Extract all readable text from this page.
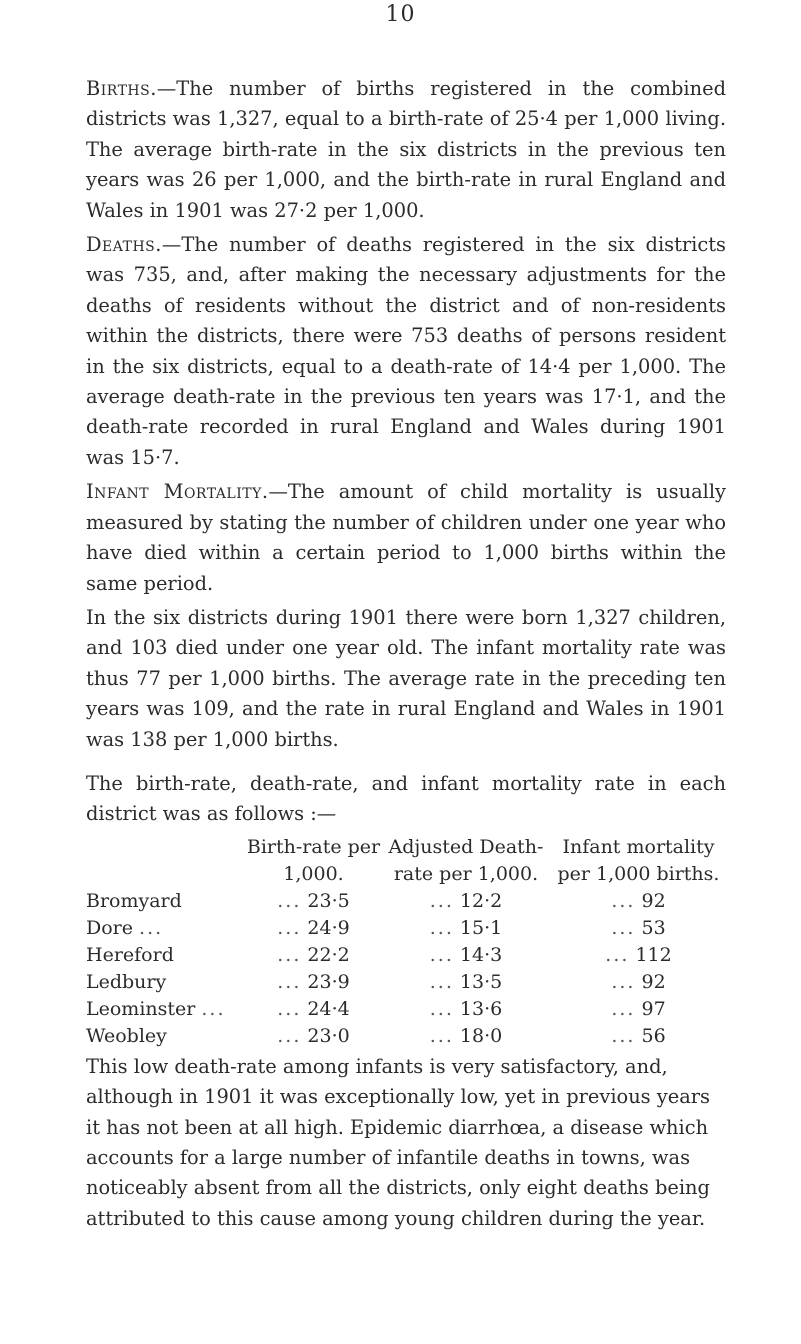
10

Births.—The number of births registered in the combined districts was 1,327, equal to a birth-rate of 25·4 per 1,000 living. The average birth-rate in the six districts in the previous ten years was 26 per 1,000, and the birth-rate in rural England and Wales in 1901 was 27·2 per 1,000.

Deaths.—The number of deaths registered in the six districts was 735, and, after making the necessary adjustments for the deaths of residents without the district and of non-residents within the districts, there were 753 deaths of persons resident in the six districts, equal to a death-rate of 14·4 per 1,000. The average death-rate in the previous ten years was 17·1, and the death-rate recorded in rural England and Wales during 1901 was 15·7.

Infant Mortality.—The amount of child mortality is usually measured by stating the number of children under one year who have died within a certain period to 1,000 births within the same period.

In the six districts during 1901 there were born 1,327 children, and 103 died under one year old. The infant mortality rate was thus 77 per 1,000 births. The average rate in the preceding ten years was 109, and the rate in rural England and Wales in 1901 was 138 per 1,000 births.

The birth-rate, death-rate, and infant mortality rate in each district was as follows :—

	Birth-rate per 1,000.	Adjusted Death-rate per 1,000.	Infant mortality per 1,000 births.
Bromyard	... 23·5	... 12·2	... 92
Dore ...	... 24·9	... 15·1	... 53
Hereford	... 22·2	... 14·3	... 112
Ledbury	... 23·9	... 13·5	... 92
Leominster ...	... 24·4	... 13·6	... 97
Weobley	... 23·0	... 18·0	... 56

This low death-rate among infants is very satisfactory, and, although in 1901 it was exceptionally low, yet in previous years it has not been at all high. Epidemic diarrhœa, a disease which accounts for a large number of infantile deaths in towns, was noticeably absent from all the districts, only eight deaths being attributed to this cause among young children during the year.
